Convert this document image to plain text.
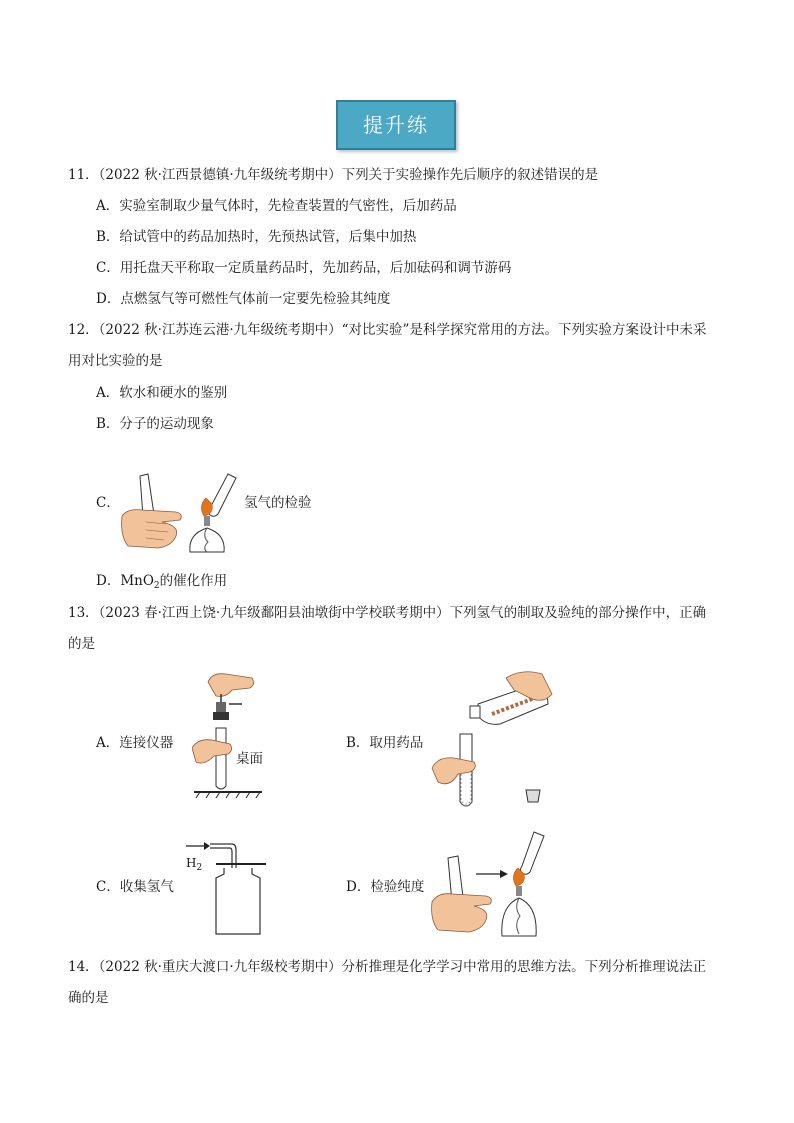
提升练
11．（2022 秋·江西景德镇·九年级统考期中）下列关于实验操作先后顺序的叙述错误的是
A．实验室制取少量气体时，先检查装置的气密性，后加药品
B．给试管中的药品加热时，先预热试管，后集中加热
C．用托盘天平称取一定质量药品时，先加药品，后加砝码和调节游码
D．点燃氢气等可燃性气体前一定要先检验其纯度
12．（2022 秋·江苏连云港·九年级统考期中）“对比实验”是科学探究常用的方法。下列实验方案设计中未采
用对比实验的是
A．软水和硬水的鉴别
B．分子的运动现象
C．	氢气的检验
D．MnO$_2$的催化作用
13．（2023 春·江西上饶·九年级鄱阳县油墩街中学校联考期中）下列氢气的制取及验纯的部分操作中，正确
的是
A．连接仪器
桌面
B．取用药品
C．收集氢气
$H_2$
D．检验纯度
14．（2022 秋·重庆大渡口·九年级校考期中）分析推理是化学学习中常用的思维方法。下列分析推理说法正
确的是
